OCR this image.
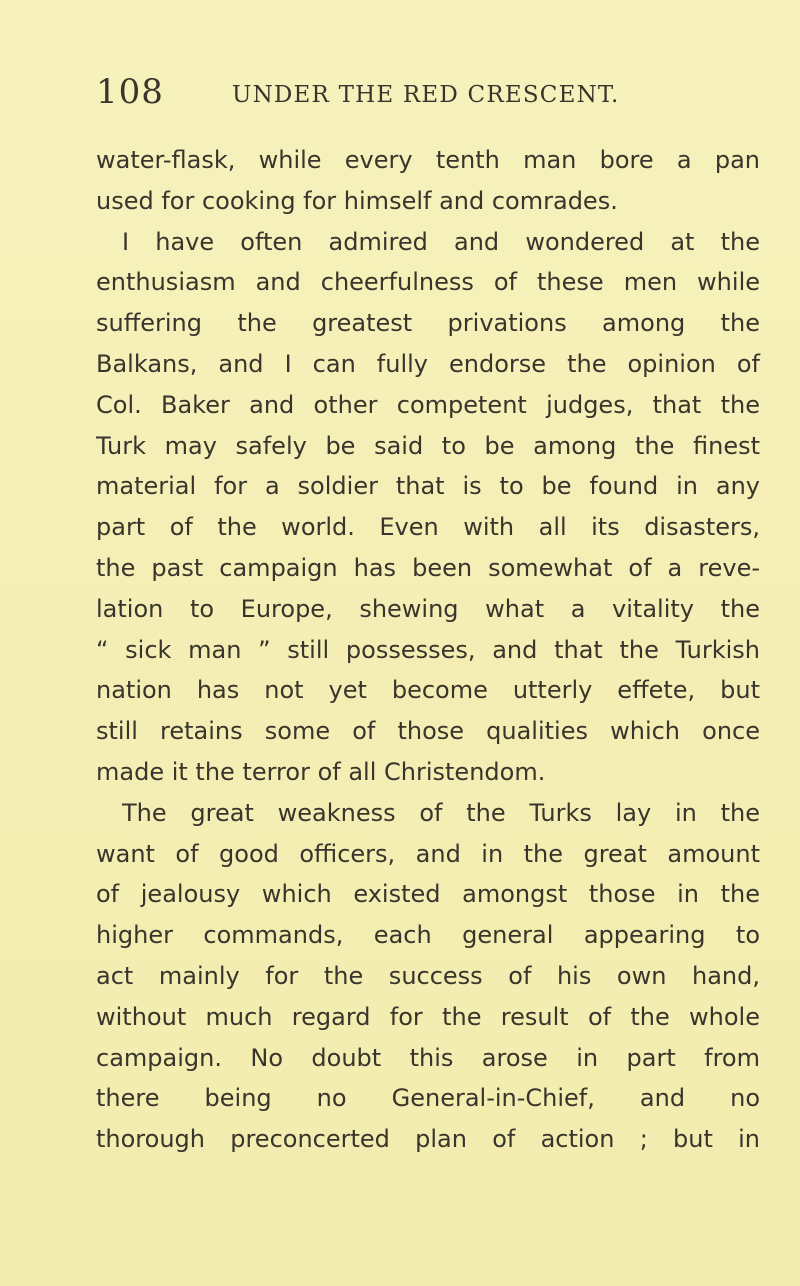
108	UNDER THE RED CRESCENT.
water-flask, while every tenth man bore a pan
used for cooking for himself and comrades.
I have often admired and wondered at the
enthusiasm and cheerfulness of these men while
suffering the greatest privations among the
Balkans, and I can fully endorse the opinion of
Col. Baker and other competent judges, that the
Turk may safely be said to be among the finest
material for a soldier that is to be found in any
part of the world. Even with all its disasters,
the past campaign has been somewhat of a reve-
lation to Europe, shewing what a vitality the
“ sick man ” still possesses, and that the Turkish
nation has not yet become utterly effete, but
still retains some of those qualities which once
made it the terror of all Christendom.
The great weakness of the Turks lay in the
want of good officers, and in the great amount
of jealousy which existed amongst those in the
higher commands, each general appearing to
act mainly for the success of his own hand,
without much regard for the result of the whole
campaign. No doubt this arose in part from
there being no General-in-Chief, and no
thorough preconcerted plan of action ; but in
